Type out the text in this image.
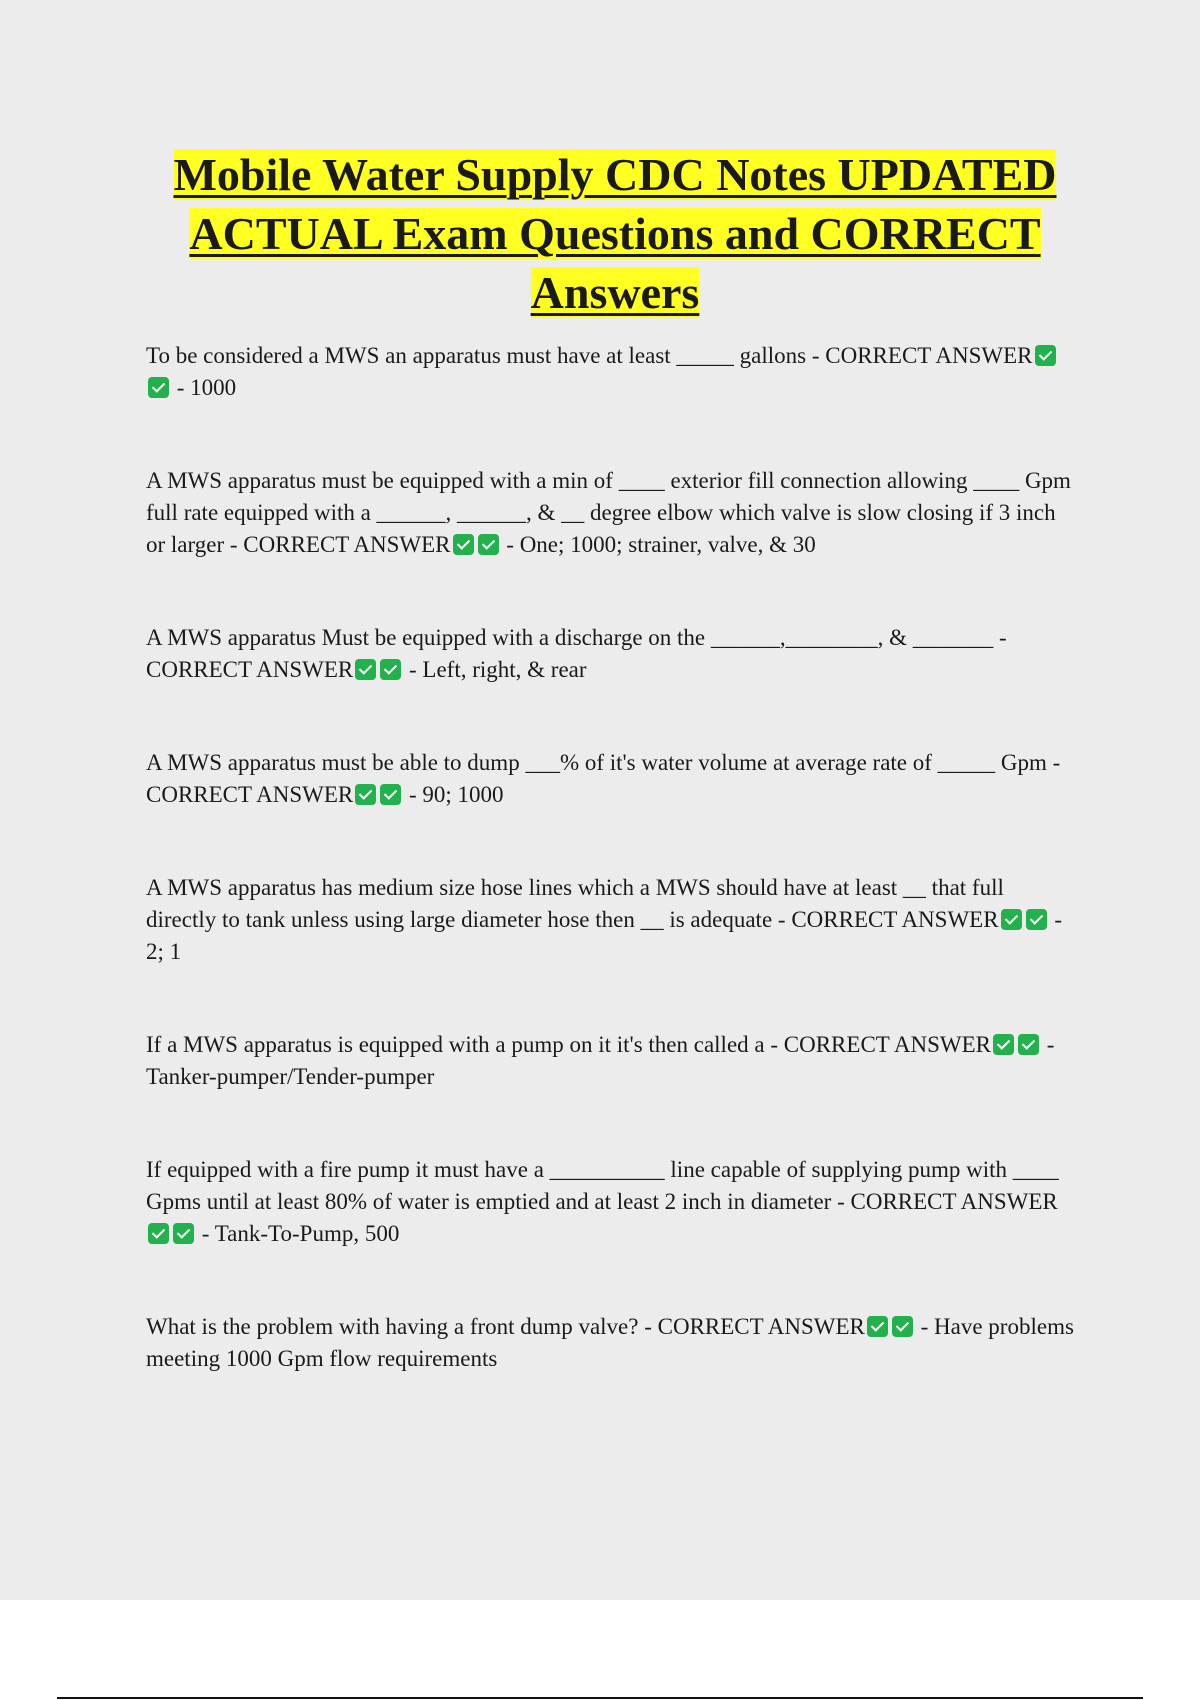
Mobile Water Supply CDC Notes UPDATED
ACTUAL Exam Questions and CORRECT
Answers

To be considered a MWS an apparatus must have at least _____ gallons - CORRECT ANSWER - 1000

A MWS apparatus must be equipped with a min of ____ exterior fill connection allowing ____ Gpm full rate equipped with a ______, ______, & __ degree elbow which valve is slow closing if 3 inch or larger - CORRECT ANSWER - One; 1000; strainer, valve, & 30

A MWS apparatus Must be equipped with a discharge on the ______,________, & _______ - CORRECT ANSWER - Left, right, & rear

A MWS apparatus must be able to dump ___% of it's water volume at average rate of _____ Gpm - CORRECT ANSWER - 90; 1000

A MWS apparatus has medium size hose lines which a MWS should have at least __ that full directly to tank unless using large diameter hose then __ is adequate - CORRECT ANSWER - 2; 1

If a MWS apparatus is equipped with a pump on it it's then called a - CORRECT ANSWER - Tanker-pumper/Tender-pumper

If equipped with a fire pump it must have a __________ line capable of supplying pump with ____ Gpms until at least 80% of water is emptied and at least 2 inch in diameter - CORRECT ANSWER - Tank-To-Pump, 500

What is the problem with having a front dump valve? - CORRECT ANSWER - Have problems meeting 1000 Gpm flow requirements
